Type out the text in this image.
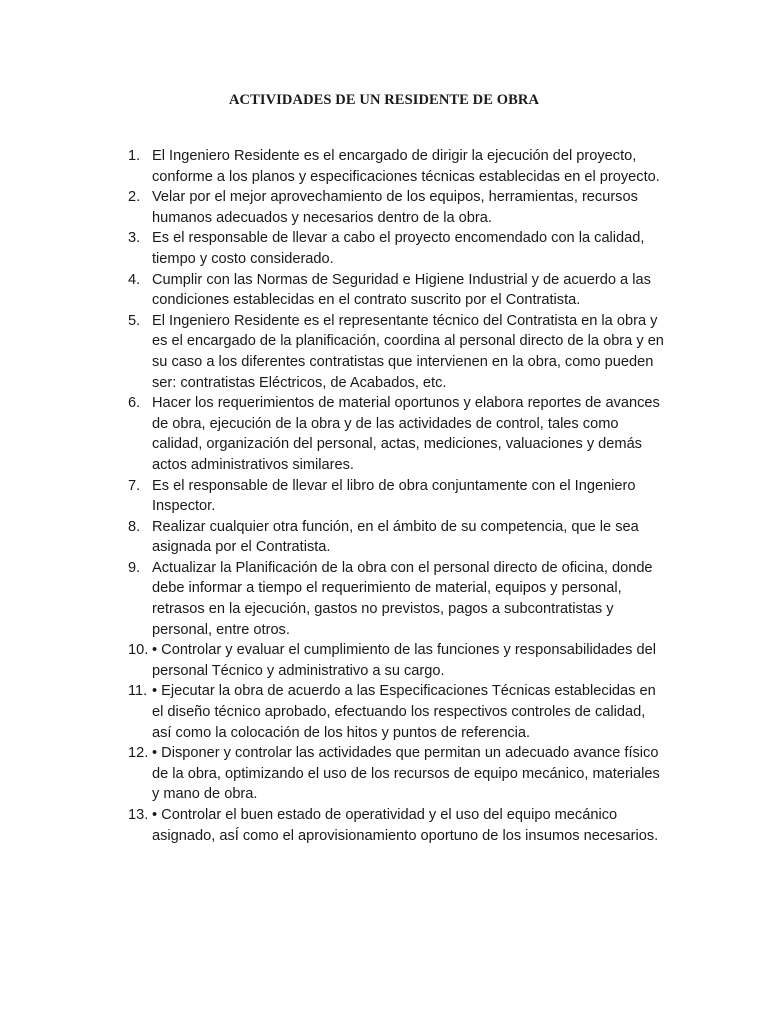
ACTIVIDADES DE UN RESIDENTE DE OBRA
1. El Ingeniero Residente es el encargado de dirigir la ejecución del proyecto, conforme a los planos y especificaciones técnicas establecidas en el proyecto.
2. Velar por el mejor aprovechamiento de los equipos, herramientas, recursos humanos adecuados y necesarios dentro de la obra.
3. Es el responsable de llevar a cabo el proyecto encomendado con la calidad, tiempo y costo considerado.
4. Cumplir con las Normas de Seguridad e Higiene Industrial y de acuerdo a las condiciones establecidas en el contrato suscrito por el Contratista.
5. El Ingeniero Residente es el representante técnico del Contratista en la obra y es el encargado de la planificación, coordina al personal directo de la obra y en su caso a los diferentes contratistas que intervienen en la obra, como pueden ser: contratistas Eléctricos, de Acabados, etc.
6. Hacer los requerimientos de material oportunos y elabora reportes de avances de obra, ejecución de la obra y de las actividades de control, tales como calidad, organización del personal, actas, mediciones, valuaciones y demás actos administrativos similares.
7. Es el responsable de llevar el libro de obra conjuntamente con el Ingeniero Inspector.
8. Realizar cualquier otra función, en el ámbito de su competencia, que le sea asignada por el Contratista.
9. Actualizar la Planificación de la obra con el personal directo de oficina, donde debe informar a tiempo el requerimiento de material, equipos y personal, retrasos en la ejecución, gastos no previstos, pagos a subcontratistas y personal, entre otros.
10. • Controlar y evaluar el cumplimiento de las funciones y responsabilidades del personal Técnico y administrativo a su cargo.
11. • Ejecutar la obra de acuerdo a las Especificaciones Técnicas establecidas en el diseño técnico aprobado, efectuando los respectivos controles de calidad, así como la colocación de los hitos y puntos de referencia.
12. • Disponer y controlar las actividades que permitan un adecuado avance físico de la obra, optimizando el uso de los recursos de equipo mecánico, materiales y mano de obra.
13. • Controlar el buen estado de operatividad y el uso del equipo mecánico asignado, asÍ como el aprovisionamiento oportuno de los insumos necesarios.
